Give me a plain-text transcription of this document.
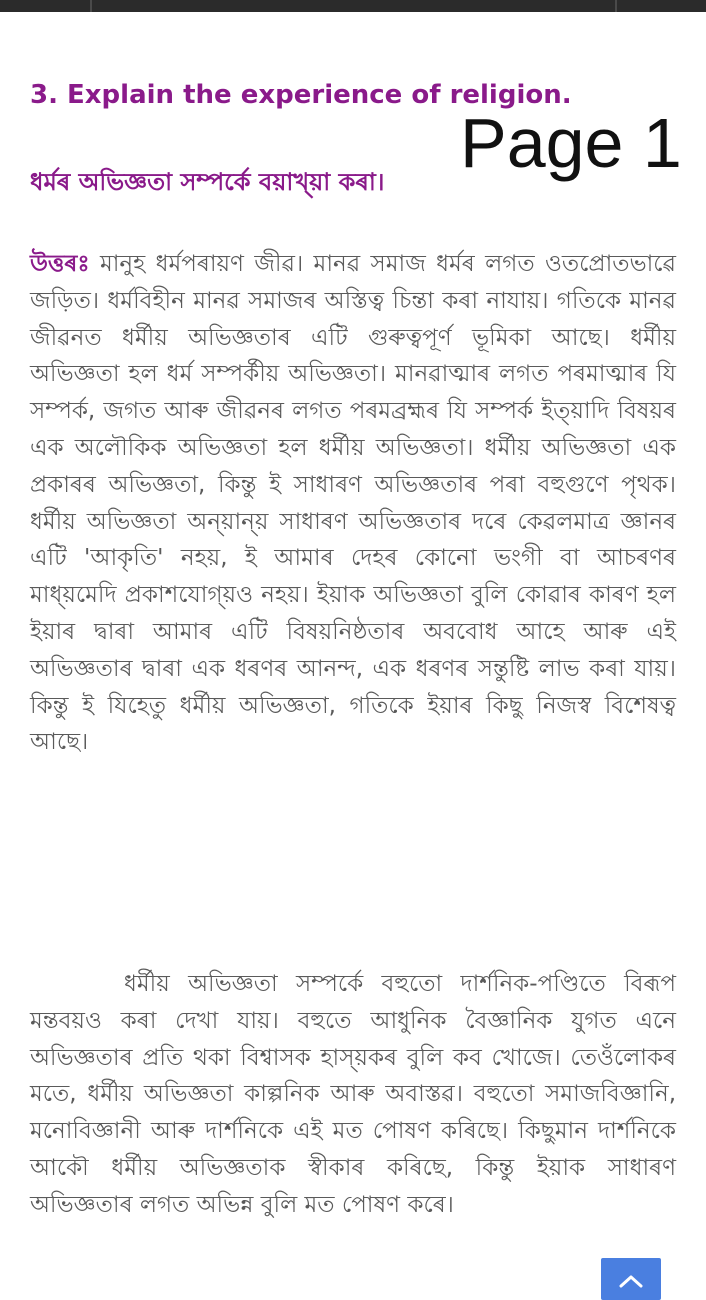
3. Explain the experience of religion.
Page 1
ধৰ্মৰ অভিজ্ঞতা সম্পৰ্কে বয়াখ্য়া কৰা।
উত্তৰঃ মানুহ ধৰ্মপৰায়ণ জীৱ। মানৱ সমাজ ধৰ্মৰ লগত ওতপ্ৰোতভাৱে জড়িত। ধৰ্মবিহীন মানৱ সমাজৰ অস্তিত্ব চিন্তা কৰা নাযায়। গতিকে মানৱ জীৱনত ধৰ্মীয় অভিজ্ঞতাৰ এটি গুৰুত্বপূৰ্ণ ভূমিকা আছে। ধৰ্মীয় অভিজ্ঞতা হল ধৰ্ম সম্পৰ্কীয় অভিজ্ঞতা। মানৱাত্মাৰ লগত পৰমাত্মাৰ যি সম্পৰ্ক, জগত আৰু জীৱনৰ লগত পৰমব্ৰহ্মৰ যি সম্পৰ্ক ইত্য়াদি বিষয়ৰ এক অলৌকিক অভিজ্ঞতা হল ধৰ্মীয় অভিজ্ঞতা। ধৰ্মীয় অভিজ্ঞতা এক প্ৰকাৰৰ অভিজ্ঞতা, কিন্তু ই সাধাৰণ অভিজ্ঞতাৰ পৰা বহুগুণে পৃথক। ধৰ্মীয় অভিজ্ঞতা অন্য়ান্য় সাধাৰণ অভিজ্ঞতাৰ দৰে কেৱলমাত্ৰ জ্ঞানৰ এটি 'আকৃতি' নহয়, ই আমাৰ দেহৰ কোনো ভংগী বা আচৰণৰ মাধ্য়মেদি প্ৰকাশযোগ্য়ও নহয়। ইয়াক অভিজ্ঞতা বুলি কোৱাৰ কাৰণ হল ইয়াৰ দ্বাৰা আমাৰ এটি বিষয়নিষ্ঠতাৰ অববোধ আহে আৰু এই অভিজ্ঞতাৰ দ্বাৰা এক ধৰণৰ আনন্দ, এক ধৰণৰ সন্তুষ্টি লাভ কৰা যায়। কিন্তু ই যিহেতু ধৰ্মীয় অভিজ্ঞতা, গতিকে ইয়াৰ কিছু নিজস্ব বিশেষত্ব আছে।
ধৰ্মীয় অভিজ্ঞতা সম্পৰ্কে বহুতো দাৰ্শনিক-পণ্ডিতে বিৰূপ মন্তবয়ও কৰা দেখা যায়। বহুতে আধুনিক বৈজ্ঞানিক যুগত এনে অভিজ্ঞতাৰ প্ৰতি থকা বিশ্বাসক হাস্য়কৰ বুলি কব খোজে। তেওঁলোকৰ মতে, ধৰ্মীয় অভিজ্ঞতা কাল্পনিক আৰু অবাস্তৱ। বহুতো সমাজবিজ্ঞানি, মনোবিজ্ঞানী আৰু দাৰ্শনিকে এই মত পোষণ কৰিছে। কিছুমান দাৰ্শনিকে আকৌ ধৰ্মীয় অভিজ্ঞতাক স্বীকাৰ কৰিছে, কিন্তু ইয়াক সাধাৰণ অভিজ্ঞতাৰ লগত অভিন্ন বুলি মত পোষণ কৰে।
